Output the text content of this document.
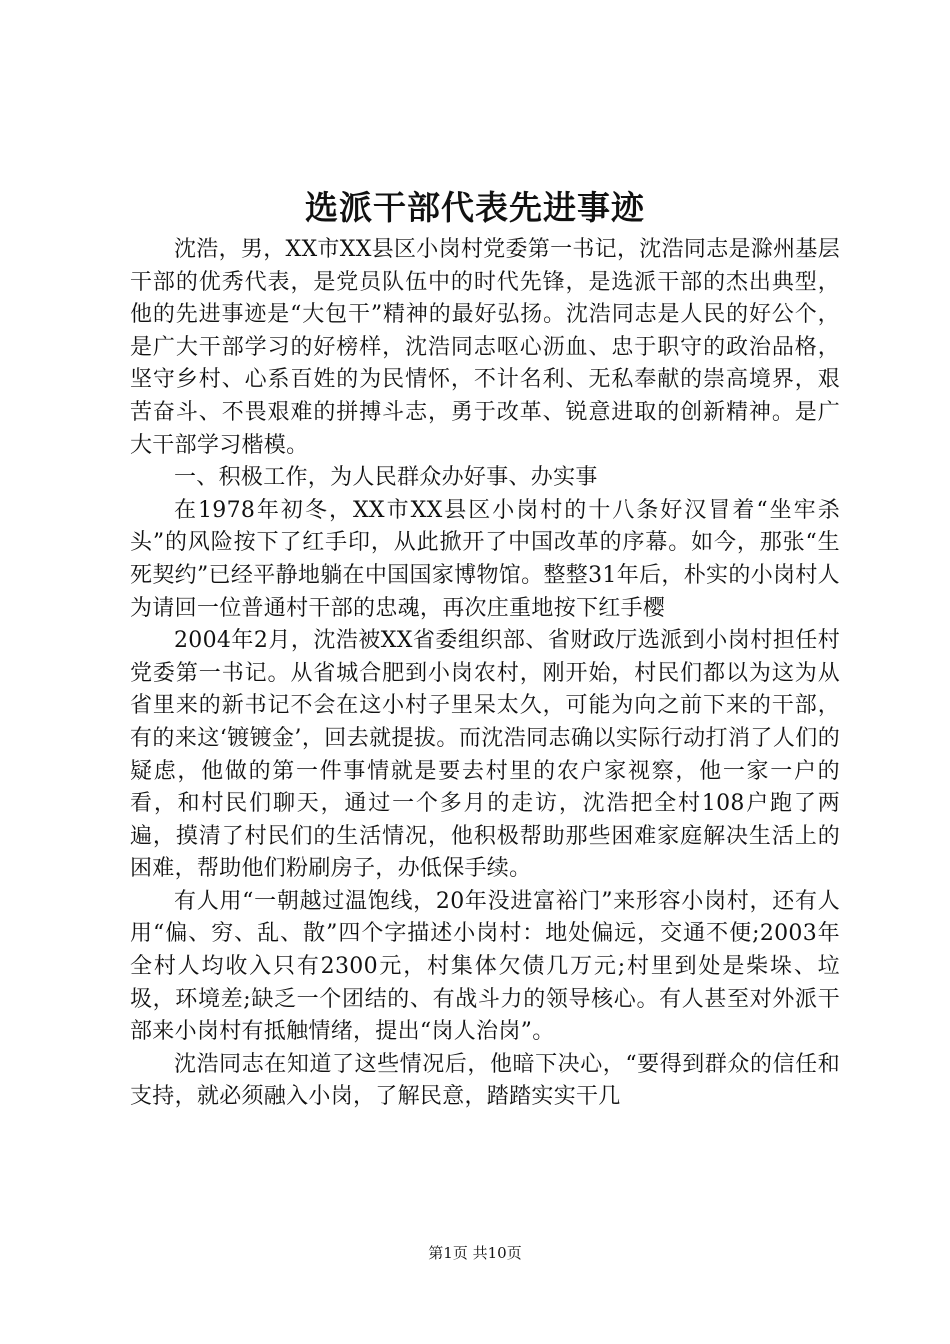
选派干部代表先进事迹

沈浩，男，XX市XX县区小岗村党委第一书记，沈浩同志是滁州基层干部的优秀代表，是党员队伍中的时代先锋，是选派干部的杰出典型，他的先进事迹是“大包干”精神的最好弘扬。沈浩同志是人民的好公个，是广大干部学习的好榜样，沈浩同志呕心沥血、忠于职守的政治品格，坚守乡村、心系百姓的为民情怀，不计名利、无私奉献的崇高境界，艰苦奋斗、不畏艰难的拼搏斗志，勇于改革、锐意进取的创新精神。是广大干部学习楷模。

一、积极工作，为人民群众办好事、办实事

在1978年初冬，XX市XX县区小岗村的十八条好汉冒着“坐牢杀头”的风险按下了红手印，从此掀开了中国改革的序幕。如今，那张“生死契约”已经平静地躺在中国国家博物馆。整整31年后，朴实的小岗村人为请回一位普通村干部的忠魂，再次庄重地按下红手樱

2004年2月，沈浩被XX省委组织部、省财政厅选派到小岗村担任村党委第一书记。从省城合肥到小岗农村，刚开始，村民们都以为这为从省里来的新书记不会在这小村子里呆太久，可能为向之前下来的干部，有的来这‘镀镀金’，回去就提拔。而沈浩同志确以实际行动打消了人们的疑虑，他做的第一件事情就是要去村里的农户家视察，他一家一户的看，和村民们聊天，通过一个多月的走访，沈浩把全村108户跑了两遍，摸清了村民们的生活情况，他积极帮助那些困难家庭解决生活上的困难，帮助他们粉刷房子，办低保手续。

有人用“一朝越过温饱线，20年没进富裕门”来形容小岗村，还有人用“偏、穷、乱、散”四个字描述小岗村：地处偏远，交通不便;2003年全村人均收入只有2300元，村集体欠债几万元;村里到处是柴垛、垃圾，环境差;缺乏一个团结的、有战斗力的领导核心。有人甚至对外派干部来小岗村有抵触情绪，提出“岗人治岗”。

沈浩同志在知道了这些情况后，他暗下决心，“要得到群众的信任和支持，就必须融入小岗，了解民意，踏踏实实干几

第1页 共10页
